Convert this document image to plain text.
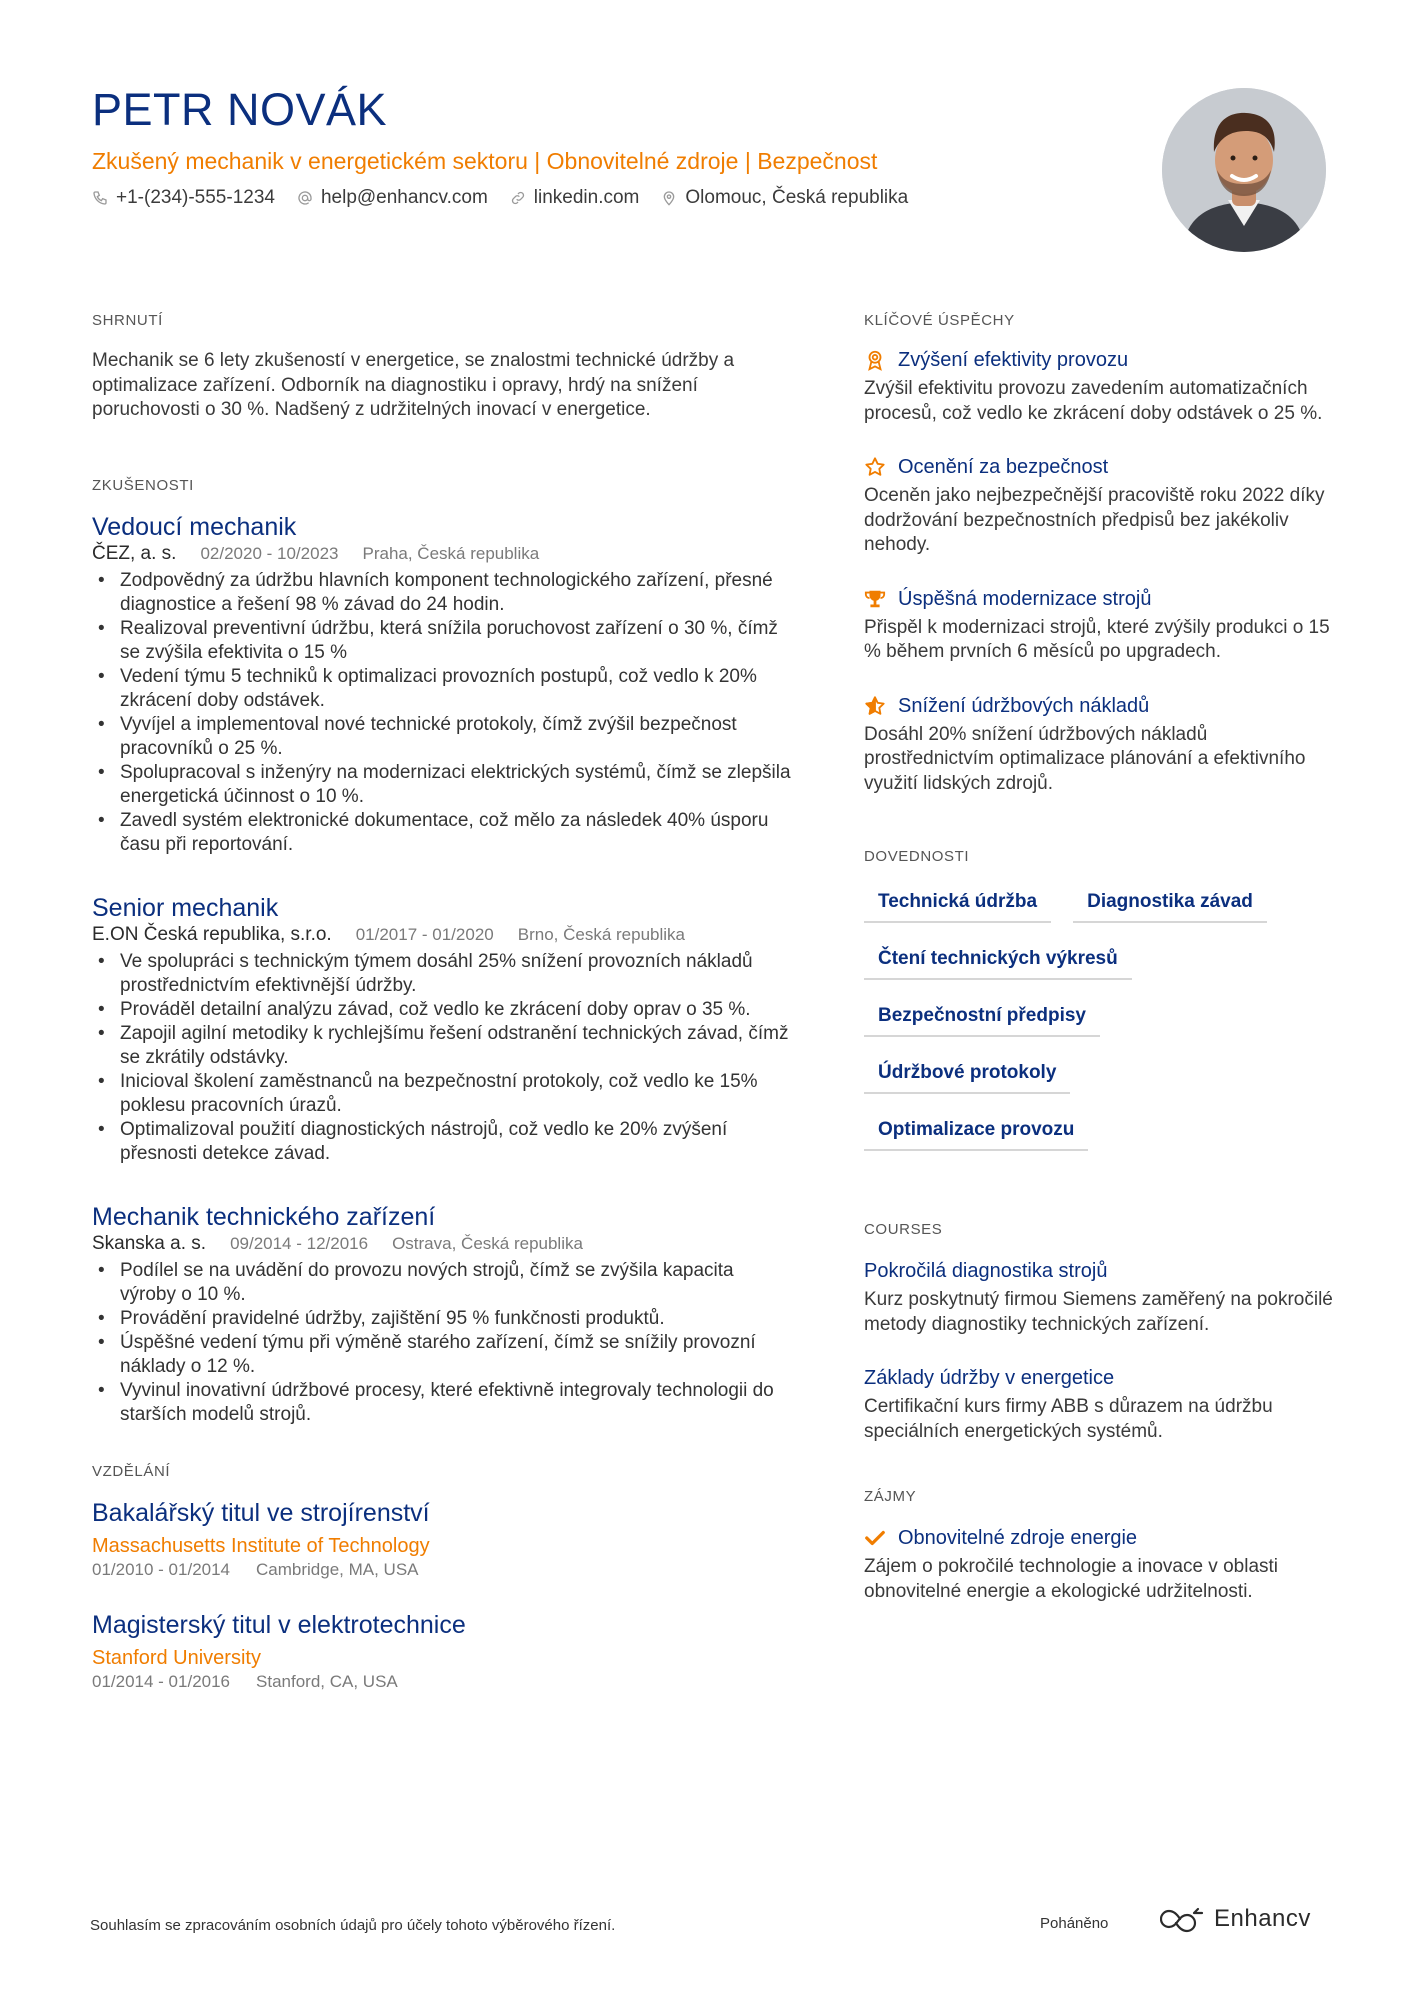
PETR NOVÁK
Zkušený mechanik v energetickém sektoru | Obnovitelné zdroje | Bezpečnost
+1-(234)-555-1234 help@enhancv.com linkedin.com Olomouc, Česká republika
SHRNUTÍ

Mechanik se 6 lety zkušeností v energetice, se znalostmi technické údržby a optimalizace zařízení. Odborník na diagnostiku i opravy, hrdý na snížení poruchovosti o 30 %. Nadšený z udržitelných inovací v energetice.

ZKUŠENOSTI
Vedoucí mechanik
ČEZ, a. s. 02/2020 - 10/2023 Praha, Česká republika
• Zodpovědný za údržbu hlavních komponent technologického zařízení, přesné diagnostice a řešení 98 % závad do 24 hodin.
• Realizoval preventivní údržbu, která snížila poruchovost zařízení o 30 %, čímž se zvýšila efektivita o 15 %
• Vedení týmu 5 techniků k optimalizaci provozních postupů, což vedlo k 20% zkrácení doby odstávek.
• Vyvíjel a implementoval nové technické protokoly, čímž zvýšil bezpečnost pracovníků o 25 %.
• Spolupracoval s inženýry na modernizaci elektrických systémů, čímž se zlepšila energetická účinnost o 10 %.
• Zavedl systém elektronické dokumentace, což mělo za následek 40% úsporu času při reportování.
Senior mechanik
E.ON Česká republika, s.r.o. 01/2017 - 01/2020 Brno, Česká republika
• Ve spolupráci s technickým týmem dosáhl 25% snížení provozních nákladů prostřednictvím efektivnější údržby.
• Prováděl detailní analýzu závad, což vedlo ke zkrácení doby oprav o 35 %.
• Zapojil agilní metodiky k rychlejšímu řešení odstranění technických závad, čímž se zkrátily odstávky.
• Inicioval školení zaměstnanců na bezpečnostní protokoly, což vedlo ke 15% poklesu pracovních úrazů.
• Optimalizoval použití diagnostických nástrojů, což vedlo ke 20% zvýšení přesnosti detekce závad.
Mechanik technického zařízení
Skanska a. s. 09/2014 - 12/2016 Ostrava, Česká republika
• Podílel se na uvádění do provozu nových strojů, čímž se zvýšila kapacita výroby o 10 %.
• Provádění pravidelné údržby, zajištění 95 % funkčnosti produktů.
• Úspěšné vedení týmu při výměně starého zařízení, čímž se snížily provozní náklady o 12 %.
• Vyvinul inovativní údržbové procesy, které efektivně integrovaly technologii do starších modelů strojů.
VZDĚLÁNÍ
Bakalářský titul ve strojírenství
Massachusetts Institute of Technology
01/2010 - 01/2014 Cambridge, MA, USA
Magisterský titul v elektrotechnice
Stanford University
01/2014 - 01/2016 Stanford, CA, USA
KLÍČOVÉ ÚSPĚCHY
Zvýšení efektivity provozu
Zvýšil efektivitu provozu zavedením automatizačních procesů, což vedlo ke zkrácení doby odstávek o 25 %.
Ocenění za bezpečnost
Oceněn jako nejbezpečnější pracoviště roku 2022 díky dodržování bezpečnostních předpisů bez jakékoliv nehody.
Úspěšná modernizace strojů
Přispěl k modernizaci strojů, které zvýšily produkci o 15 % během prvních 6 měsíců po upgradech.
Snížení údržbových nákladů
Dosáhl 20% snížení údržbových nákladů prostřednictvím optimalizace plánování a efektivního využití lidských zdrojů.
DOVEDNOSTI
Technická údržba	Diagnostika závad
Čtení technických výkresů
Bezpečnostní předpisy
Údržbové protokoly
Optimalizace provozu
COURSES
Pokročilá diagnostika strojů
Kurz poskytnutý firmou Siemens zaměřený na pokročilé metody diagnostiky technických zařízení.
Základy údržby v energetice
Certifikační kurs firmy ABB s důrazem na údržbu speciálních energetických systémů.
ZÁJMY
Obnovitelné zdroje energie
Zájem o pokročilé technologie a inovace v oblasti obnovitelné energie a ekologické udržitelnosti.
Souhlasím se zpracováním osobních údajů pro účely tohoto výběrového řízení.	Poháněno	Enhancv
